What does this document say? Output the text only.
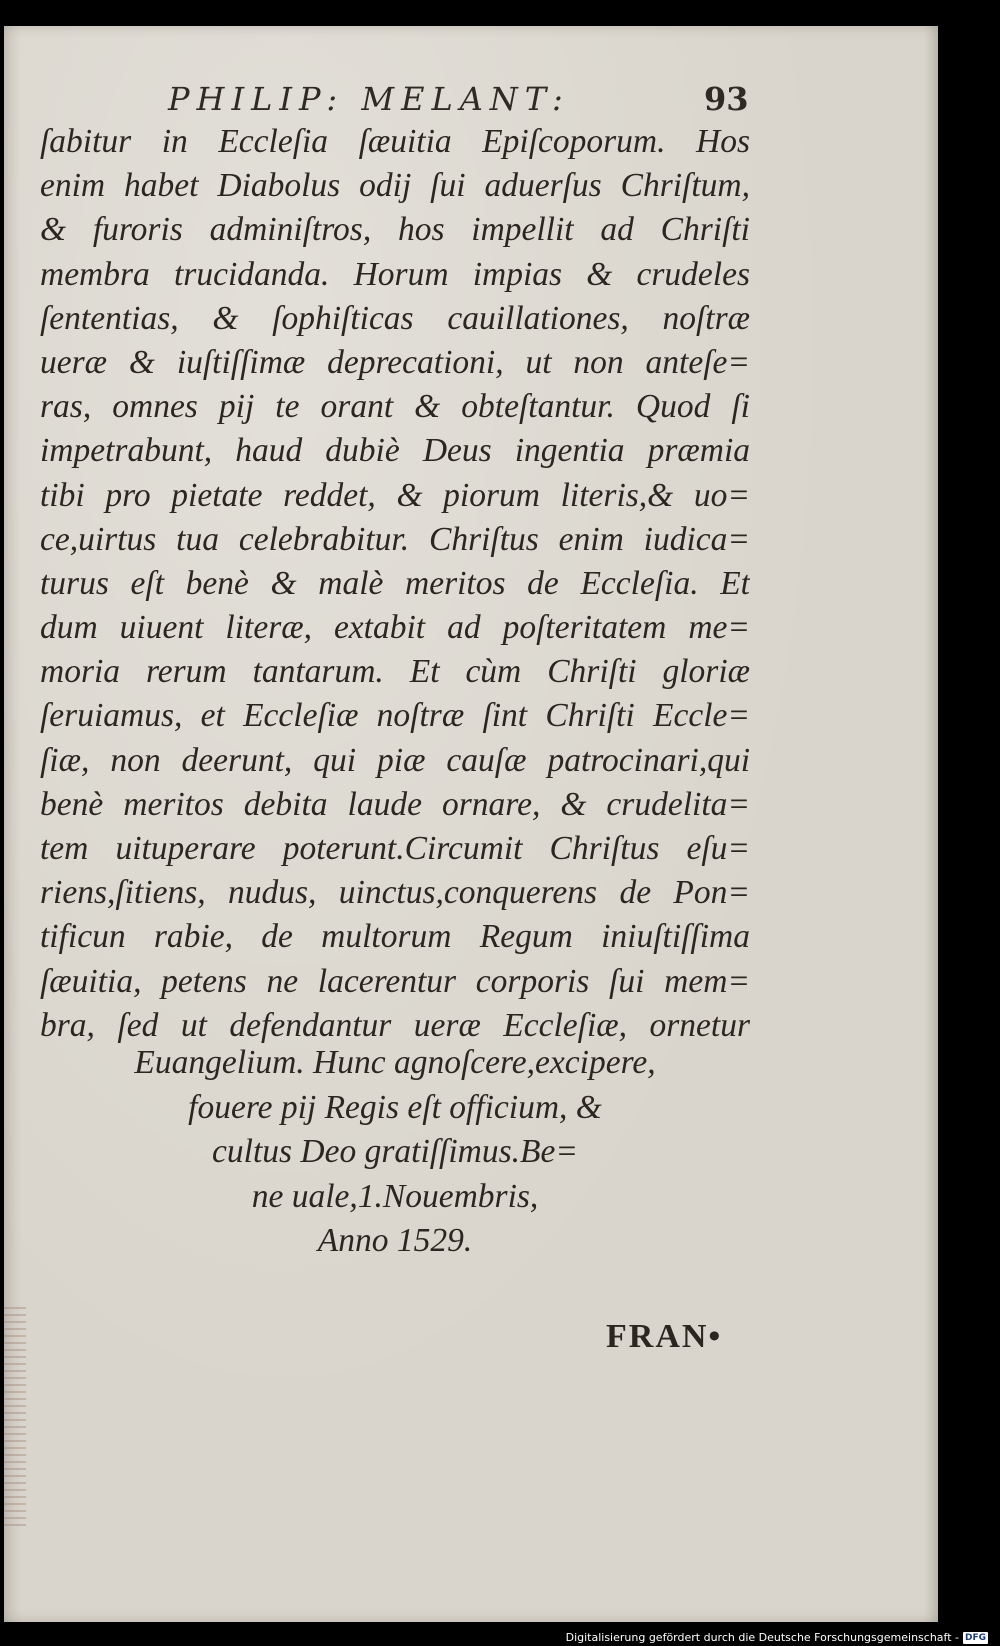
PHILIP: MELANT:	93
ſabitur in Eccleſia ſæuitia Epiſcoporum. Hos
enim habet Diabolus odij ſui aduerſus Chriſtum,
& furoris adminiſtros, hos impellit ad Chriſti
membra trucidanda. Horum impias & crudeles
ſententias, & ſophiſticas cauillationes, noſtræ
ueræ & iuſtiſſimæ deprecationi, ut non anteſe=
ras, omnes pij te orant & obteſtantur. Quod ſi
impetrabunt, haud dubiè Deus ingentia præmia
tibi pro pietate reddet, & piorum literis,& uo=
ce,uirtus tua celebrabitur. Chriſtus enim iudica=
turus eſt benè & malè meritos de Eccleſia. Et
dum uiuent literæ, extabit ad poſteritatem me=
moria rerum tantarum. Et cùm Chriſti gloriæ
ſeruiamus, et Eccleſiæ noſtræ ſint Chriſti Eccle=
ſiæ, non deerunt, qui piæ cauſæ patrocinari,qui
benè meritos debita laude ornare, & crudelita=
tem uituperare poterunt.Circumit Chriſtus eſu=
riens,ſitiens, nudus, uinctus,conquerens de Pon=
tificun rabie, de multorum Regum iniuſtiſſima
ſæuitia, petens ne lacerentur corporis ſui mem=
bra, ſed ut defendantur ueræ Eccleſiæ, ornetur
Euangelium. Hunc agnoſcere,excipere,
fouere pij Regis eſt officium, &
cultus Deo gratiſſimus.Be=
ne uale,1.Nouembris,
Anno 1529.
FRAN•
Digitalisierung gefördert durch die Deutsche Forschungsgemeinschaft - DFG
